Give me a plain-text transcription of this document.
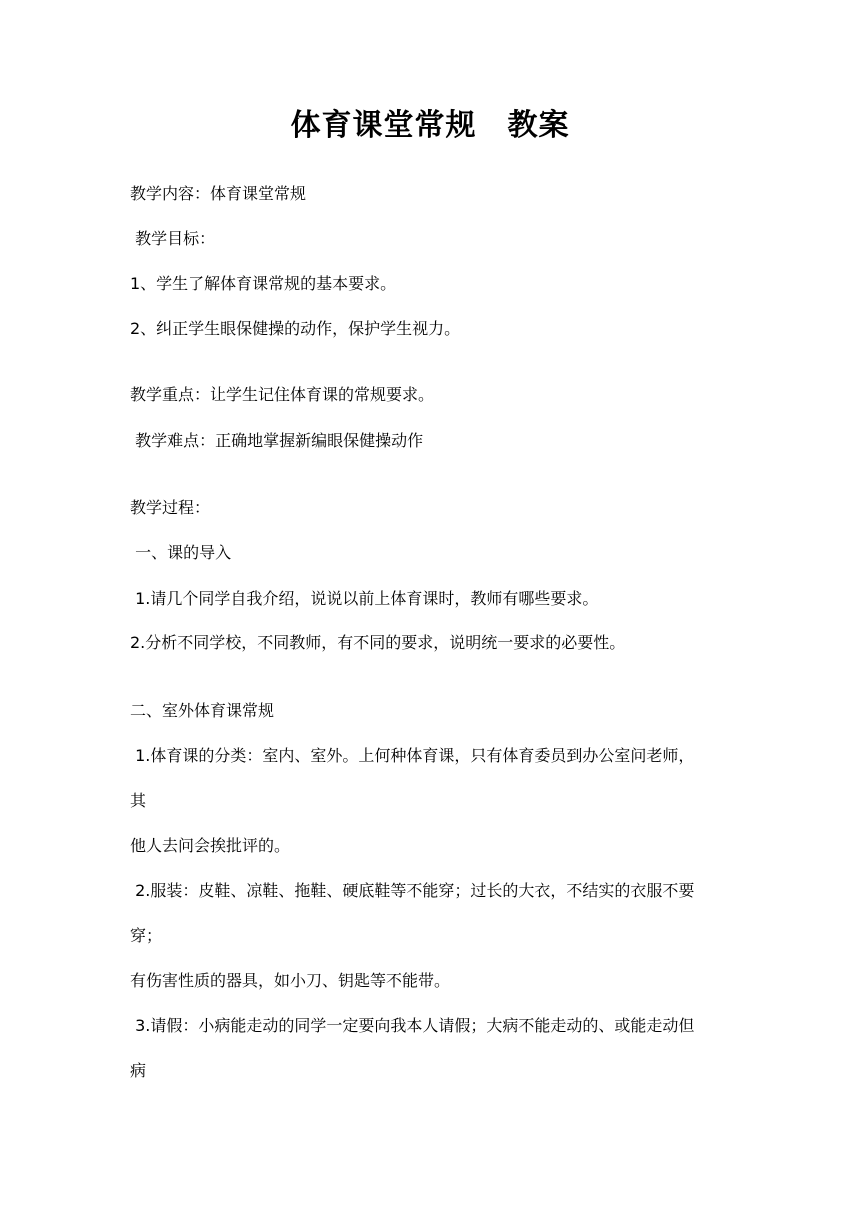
体育课堂常规　教案
教学内容：体育课堂常规
教学目标：
1、学生了解体育课常规的基本要求。
2、纠正学生眼保健操的动作，保护学生视力。
教学重点：让学生记住体育课的常规要求。
教学难点：正确地掌握新编眼保健操动作
教学过程：
一、课的导入
1.请几个同学自我介绍，说说以前上体育课时，教师有哪些要求。
2.分析不同学校，不同教师，有不同的要求，说明统一要求的必要性。
二、室外体育课常规
1.体育课的分类：室内、室外。上何种体育课，只有体育委员到办公室问老师，
其
他人去问会挨批评的。
2.服装：皮鞋、凉鞋、拖鞋、硬底鞋等不能穿；过长的大衣，不结实的衣服不要
穿；
有伤害性质的器具，如小刀、钥匙等不能带。
3.请假：小病能走动的同学一定要向我本人请假；大病不能走动的、或能走动但
病
